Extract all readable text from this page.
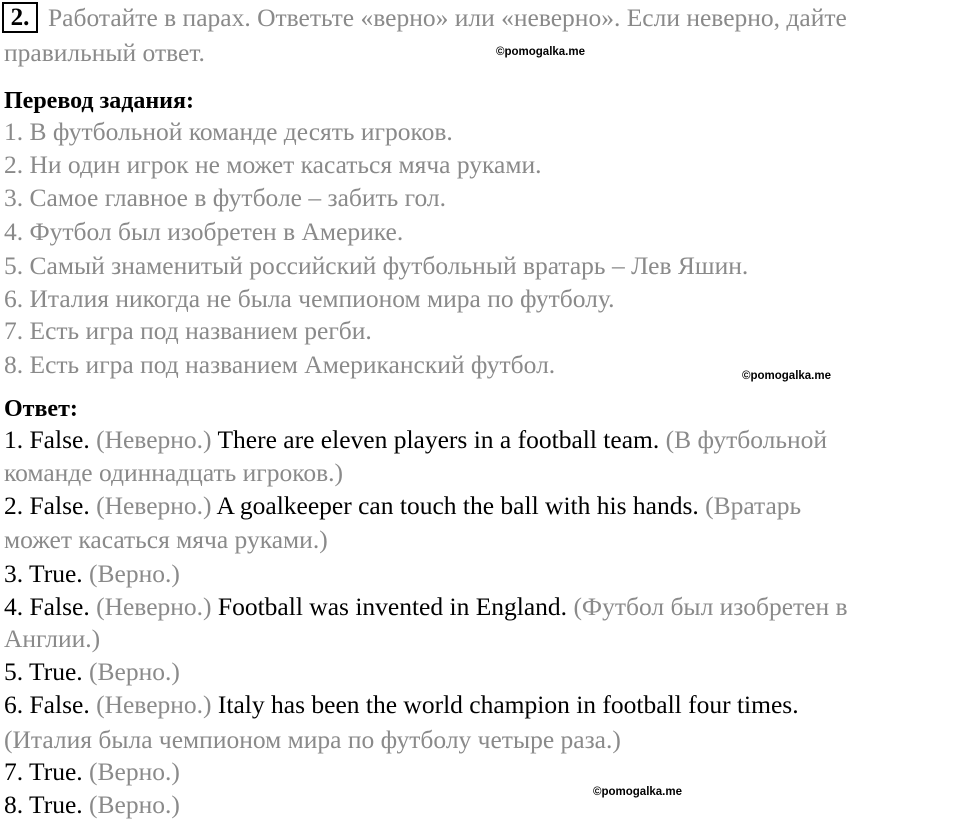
2. Работайте в парах. Ответьте «верно» или «неверно». Если неверно, дайте
правильный ответ.	©pomogalka.me
Перевод задания:
1. В футбольной команде десять игроков.
2. Ни один игрок не может касаться мяча руками.
3. Самое главное в футболе – забить гол.
4. Футбол был изобретен в Америке.
5. Самый знаменитый российский футбольный вратарь – Лев Яшин.
6. Италия никогда не была чемпионом мира по футболу.
7. Есть игра под названием регби.
8. Есть игра под названием Американский футбол.	©pomogalka.me
Ответ:
1. False. (Неверно.) There are eleven players in a football team. (В футбольной
команде одиннадцать игроков.)
2. False. (Неверно.) A goalkeeper can touch the ball with his hands. (Вратарь
может касаться мяча руками.)
3. True. (Верно.)
4. False. (Неверно.) Football was invented in England. (Футбол был изобретен в
Англии.)
5. True. (Верно.)
6. False. (Неверно.) Italy has been the world champion in football four times.
(Италия была чемпионом мира по футболу четыре раза.)
7. True. (Верно.)
8. True. (Верно.)	©pomogalka.me
